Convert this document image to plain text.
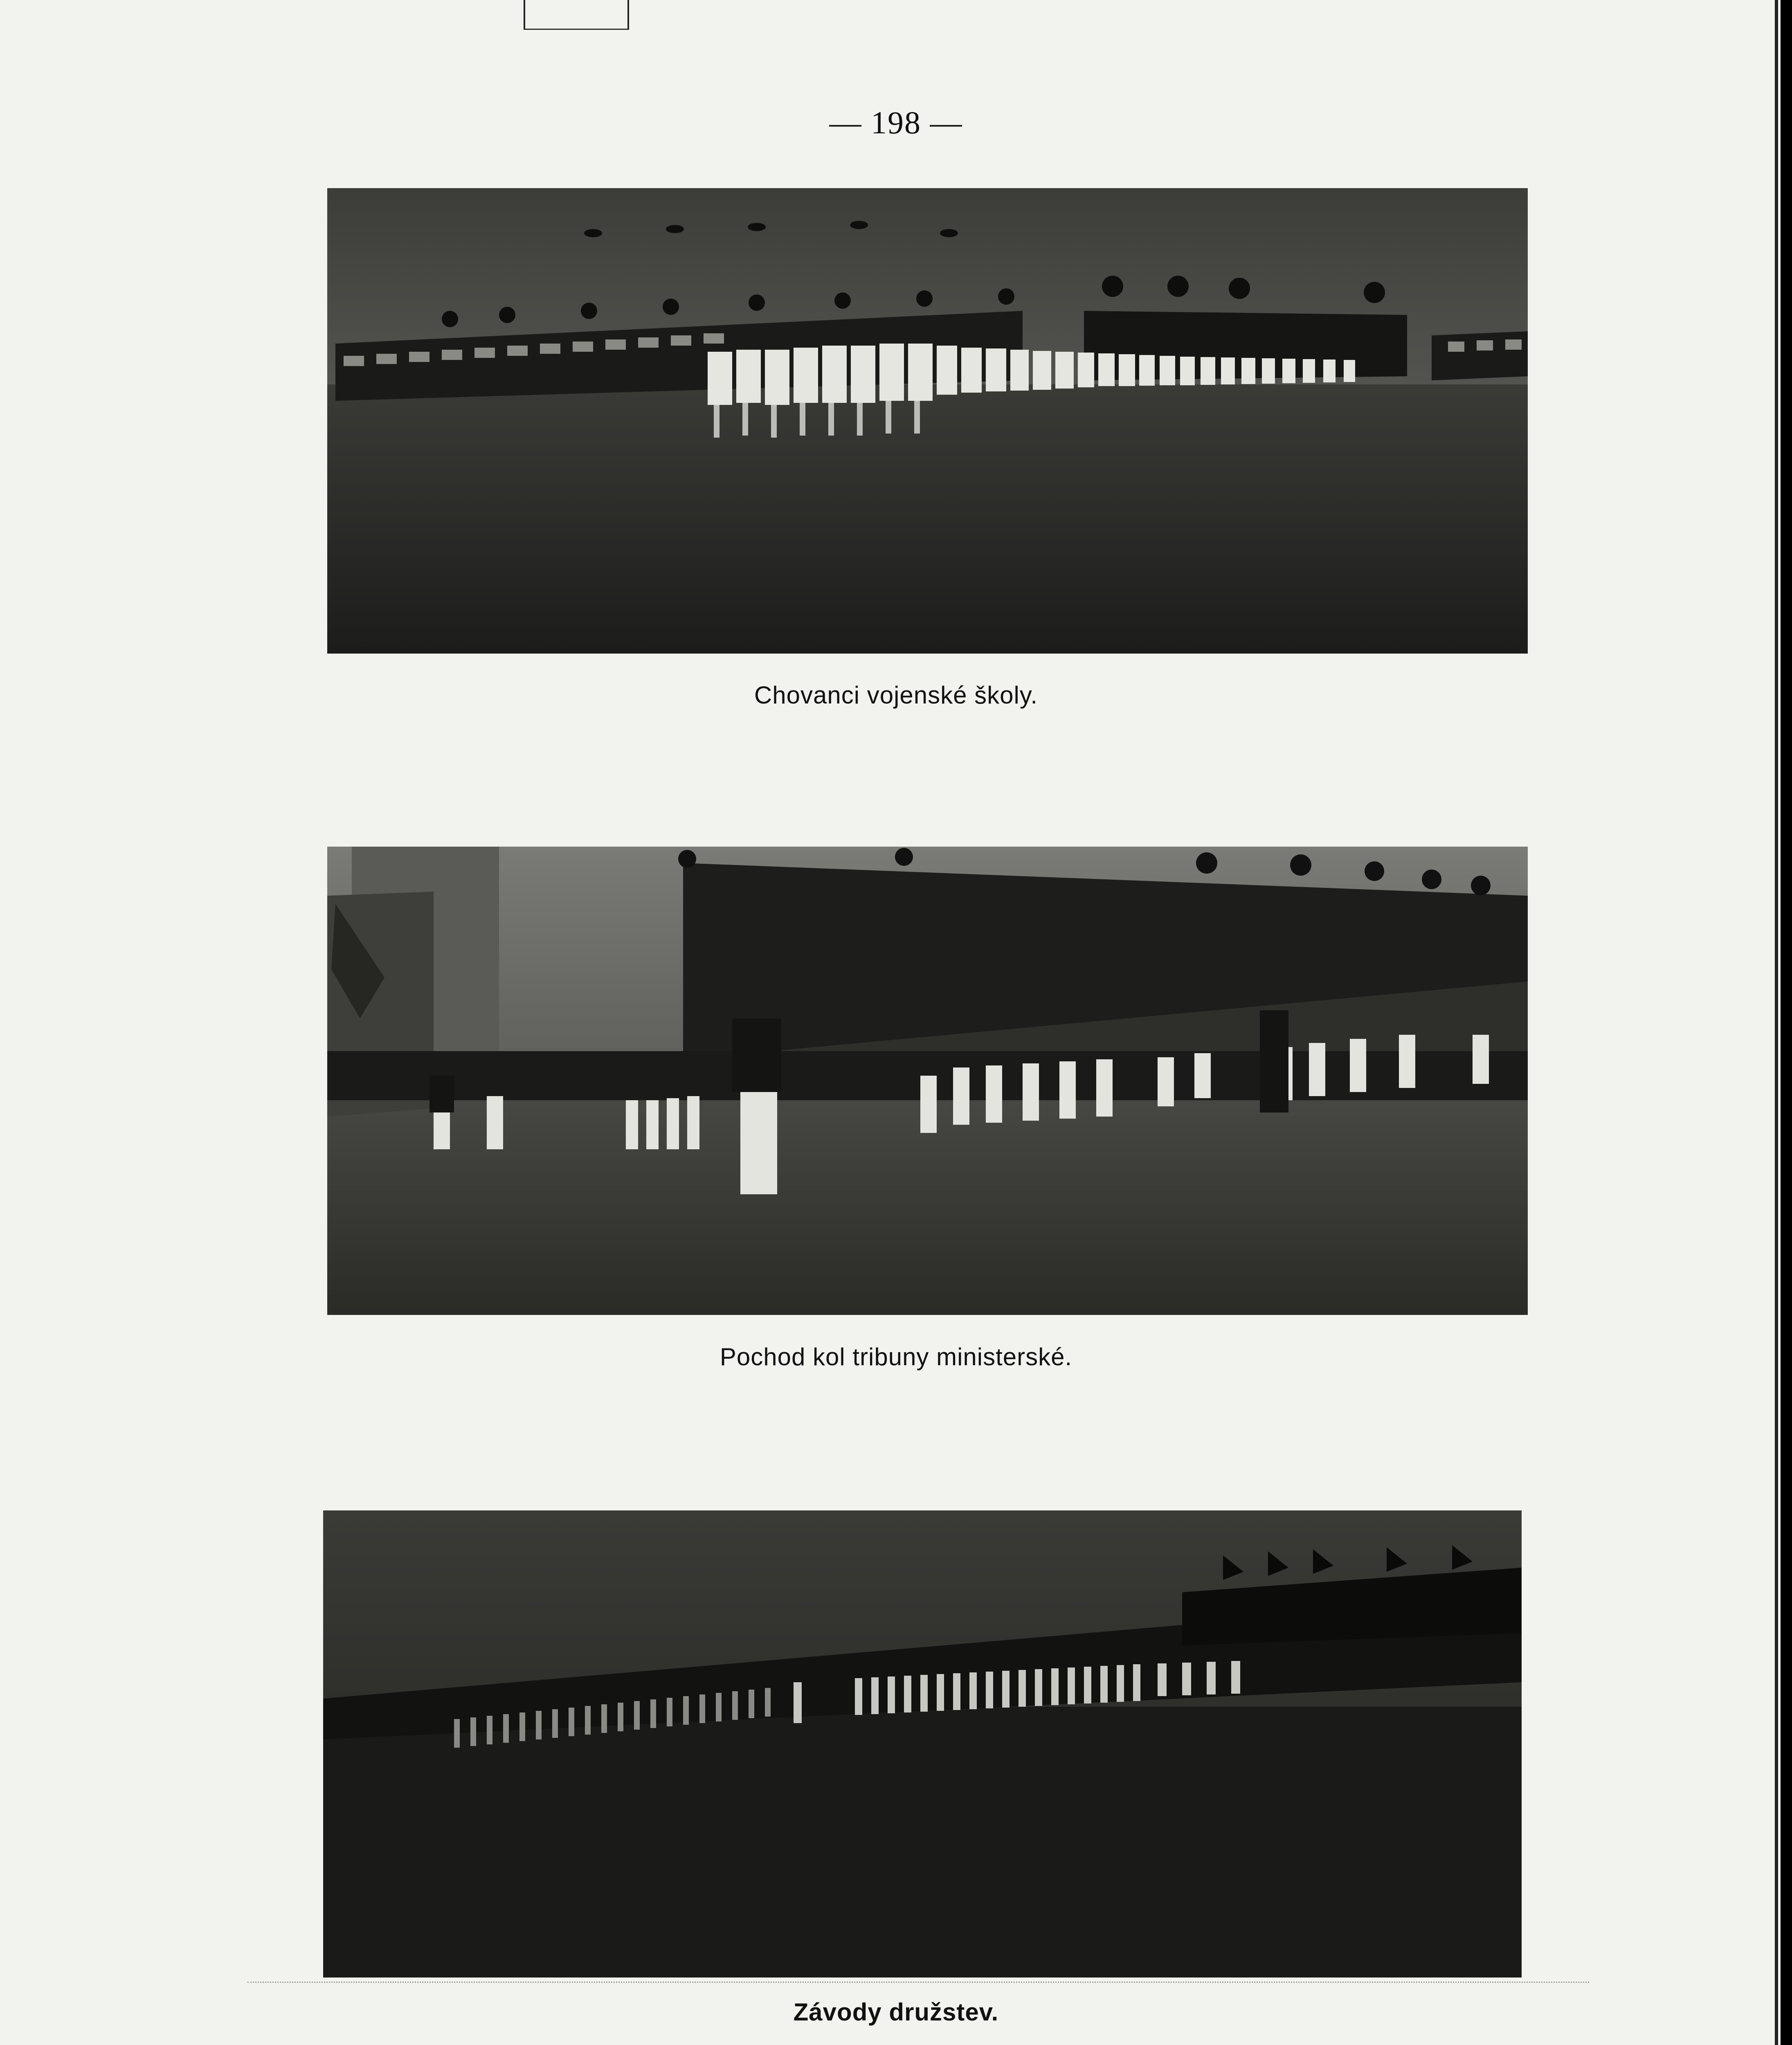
— 198 —
Chovanci vojenské školy.
Pochod kol tribuny ministerské.
Závody družstev.
